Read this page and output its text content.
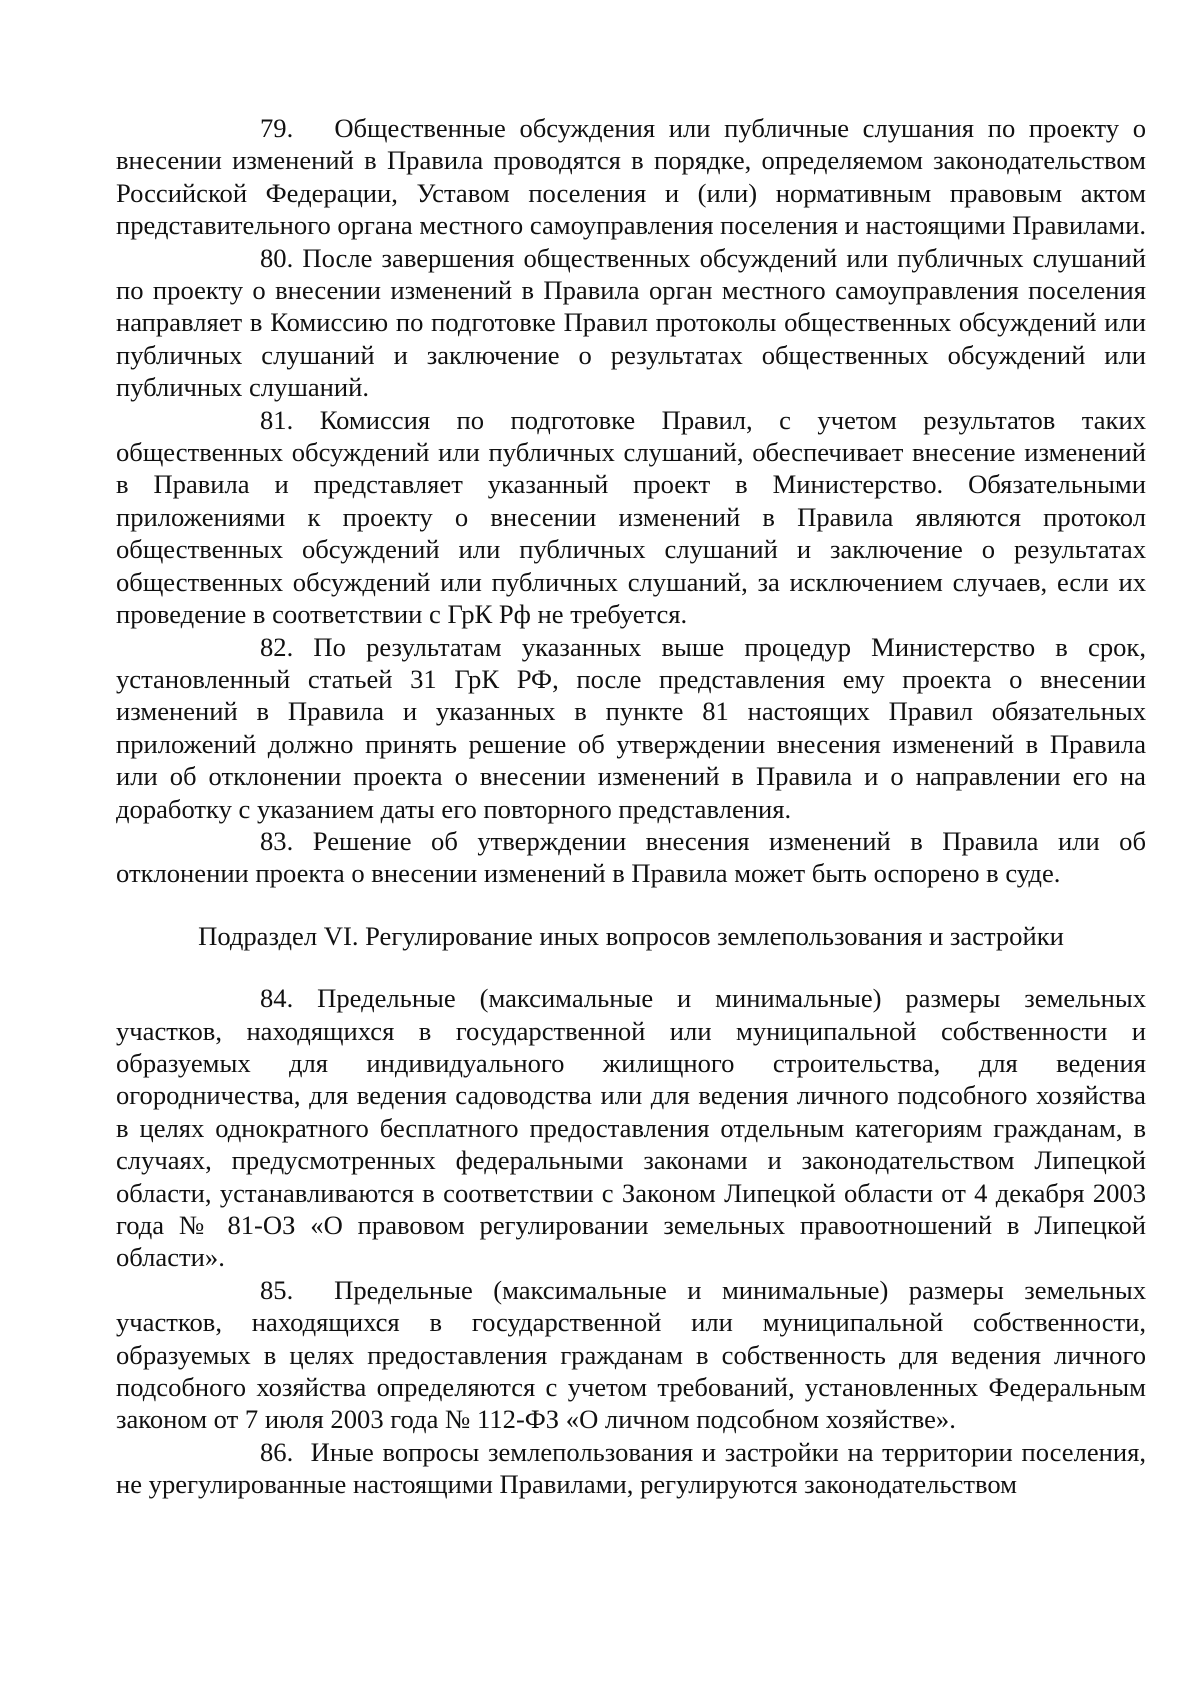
79. Общественные обсуждения или публичные слушания по проекту о внесении изменений в Правила проводятся в порядке, определяемом законодательством Российской Федерации, Уставом поселения и (или) нормативным правовым актом представительного органа местного самоуправления поселения и настоящими Правилами.

80. После завершения общественных обсуждений или публичных слушаний по проекту о внесении изменений в Правила орган местного самоуправления поселения направляет в Комиссию по подготовке Правил протоколы общественных обсуждений или публичных слушаний и заключение о результатах общественных обсуждений или публичных слушаний.

81. Комиссия по подготовке Правил, с учетом результатов таких общественных обсуждений или публичных слушаний, обеспечивает внесение изменений в Правила и представляет указанный проект в Министерство. Обязательными приложениями к проекту о внесении изменений в Правила являются протокол общественных обсуждений или публичных слушаний и заключение о результатах общественных обсуждений или публичных слушаний, за исключением случаев, если их проведение в соответствии с ГрК Рф не требуется.

82. По результатам указанных выше процедур Министерство в срок, установленный статьей 31 ГрК РФ, после представления ему проекта о внесении изменений в Правила и указанных в пункте 81 настоящих Правил обязательных приложений должно принять решение об утверждении внесения изменений в Правила или об отклонении проекта о внесении изменений в Правила и о направлении его на доработку с указанием даты его повторного представления.

83. Решение об утверждении внесения изменений в Правила или об отклонении проекта о внесении изменений в Правила может быть оспорено в суде.

Подраздел VI. Регулирование иных вопросов землепользования и застройки

84. Предельные (максимальные и минимальные) размеры земельных участков, находящихся в государственной или муниципальной собственности и образуемых для индивидуального жилищного строительства, для ведения огородничества, для ведения садоводства или для ведения личного подсобного хозяйства в целях однократного бесплатного предоставления отдельным категориям гражданам, в случаях, предусмотренных федеральными законами и законодательством Липецкой области, устанавливаются в соответствии с Законом Липецкой области от 4 декабря 2003 года № 81-ОЗ «О правовом регулировании земельных правоотношений в Липецкой области».

85. Предельные (максимальные и минимальные) размеры земельных участков, находящихся в государственной или муниципальной собственности, образуемых в целях предоставления гражданам в собственность для ведения личного подсобного хозяйства определяются с учетом требований, установленных Федеральным законом от 7 июля 2003 года № 112-ФЗ «О личном подсобном хозяйстве».

86. Иные вопросы землепользования и застройки на территории поселения, не урегулированные настоящими Правилами, регулируются законодательством
